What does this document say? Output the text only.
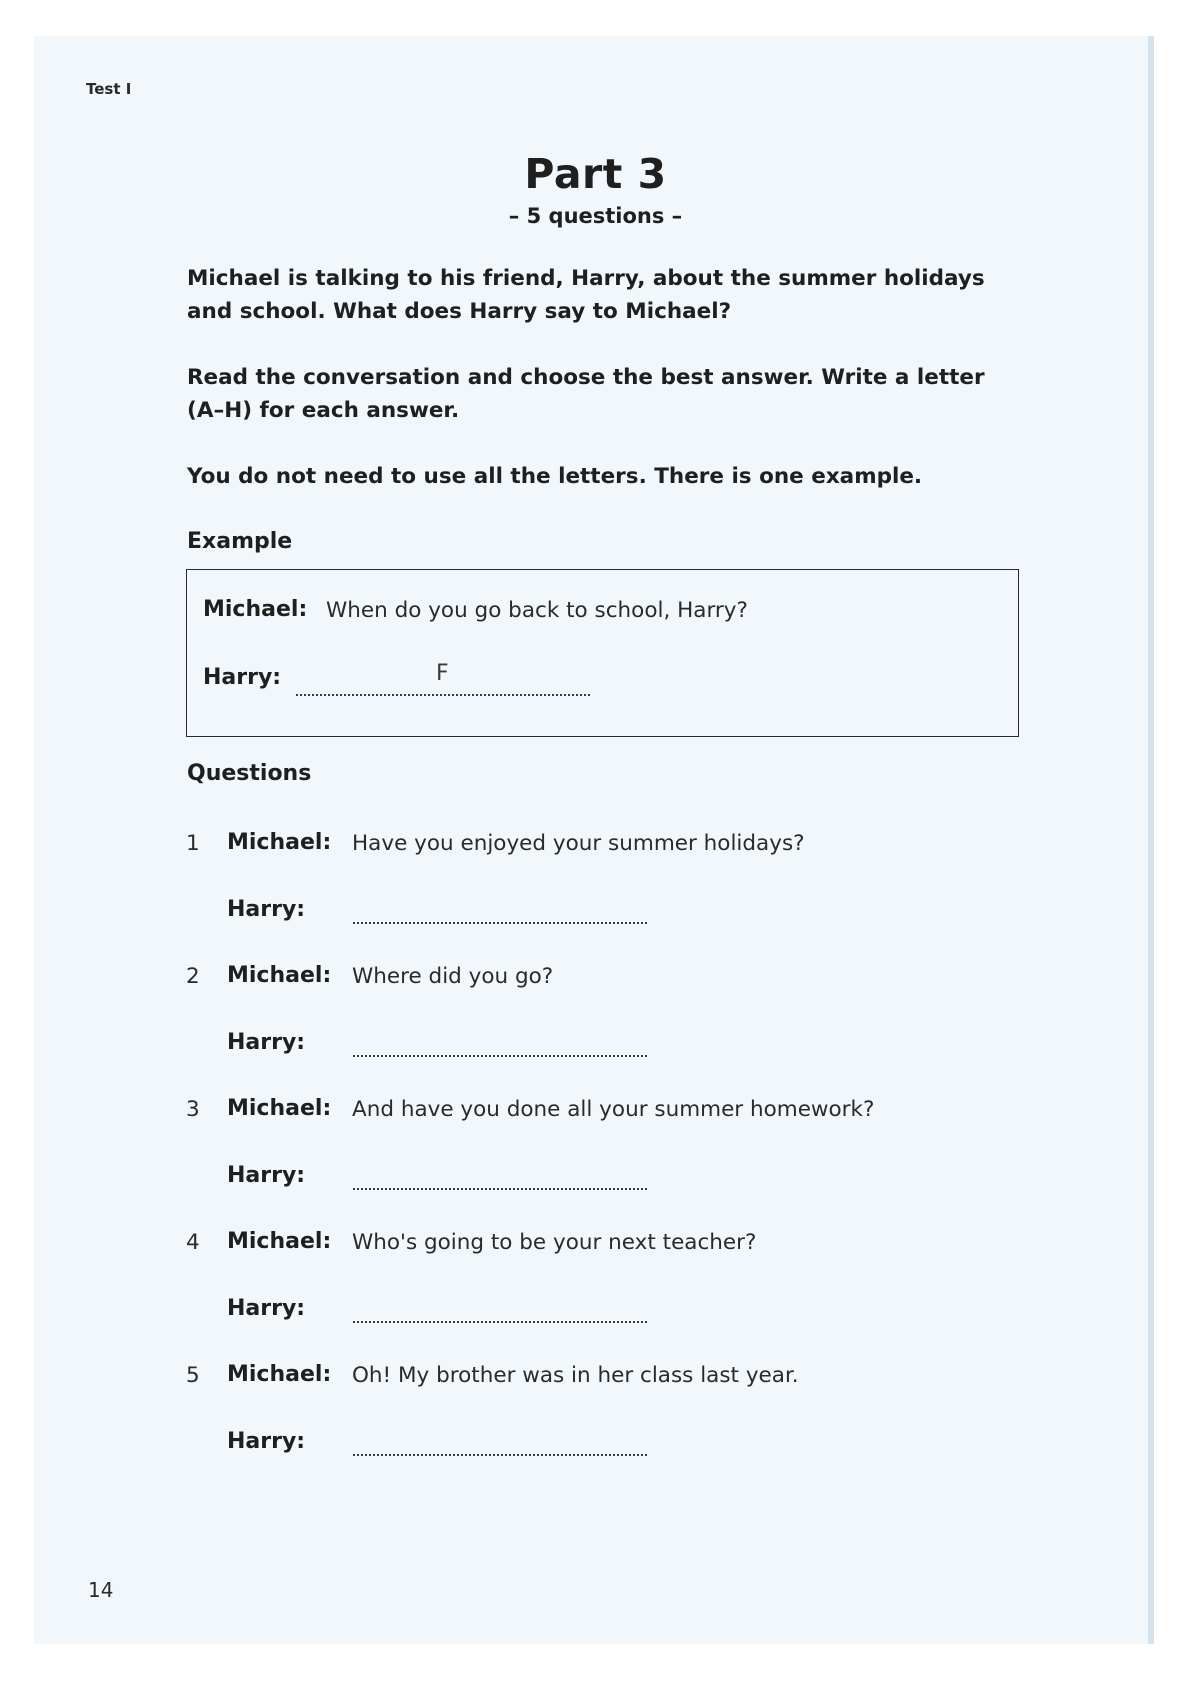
Test I
Part 3
– 5 questions –

Michael is talking to his friend, Harry, about the summer holidays and school. What does Harry say to Michael?

Read the conversation and choose the best answer. Write a letter (A–H) for each answer.

You do not need to use all the letters. There is one example.

Example
Michael: When do you go back to school, Harry?
Harry:	F
Questions
1 Michael: Have you enjoyed your summer holidays?
Harry:
2 Michael: Where did you go?
Harry:
3 Michael: And have you done all your summer homework?
Harry:
4 Michael: Who's going to be your next teacher?
Harry:
5 Michael: Oh! My brother was in her class last year.
Harry:
14
